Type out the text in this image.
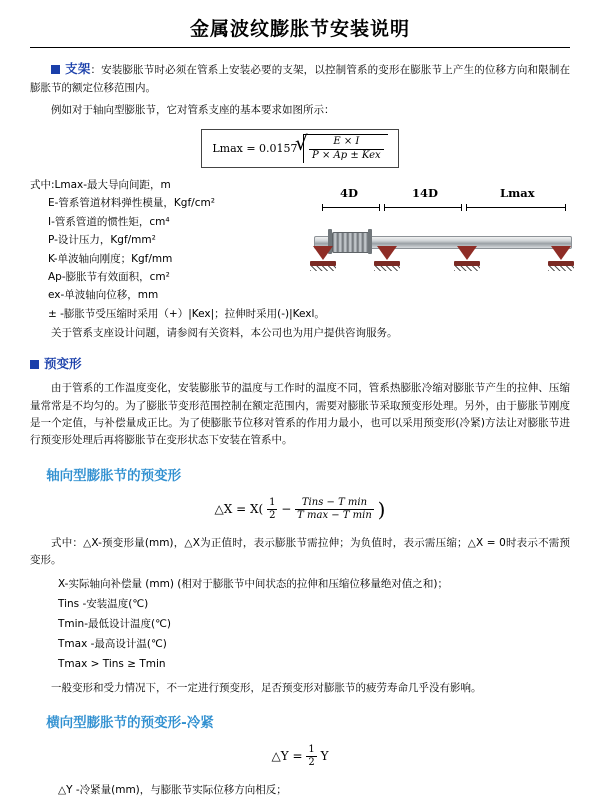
金属波纹膨胀节安装说明

支架：安装膨胀节时必须在管系上安装必要的支架，以控制管系的变形在膨胀节上产生的位移方向和限制在膨胀节的额定位移范围内。

例如对于轴向型膨胀节，它对管系支座的基本要求如图所示：

Lmax = 0.0157 √ $\frac{E \times I}{\text{P × Ap ± Kex}}$
式中:Lmax-最大导向间距，m
E-管系管道材料弹性模量，Kgf/cm²
I-管系管道的惯性矩，cm⁴
P-设计压力，Kgf/mm²
K-单波轴向刚度；Kgf/mm
Ap-膨胀节有效面积，cm²
ex-单波轴向位移，mm
± -膨胀节受压缩时采用（+）|Kex|；拉伸时采用(-)|Kexl。
4D	14D	Lmax

关于管系支座设计问题，请参阅有关资料，本公司也为用户提供咨询服务。

预变形

由于管系的工作温度变化，安装膨胀节的温度与工作时的温度不同，管系热膨胀冷缩对膨胀节产生的拉伸、压缩量常常是不均匀的。为了膨胀节变形范围控制在额定范围内，需要对膨胀节采取预变形处理。另外，由于膨胀节刚度是一个定值，与补偿量成正比。为了使膨胀节位移对管系的作用力最小，也可以采用预变形(冷紧)方法让对膨胀节进行预变形处理后再将膨胀节在变形状态下安装在管系中。

轴向型膨胀节的预变形
△X = $X( \frac{1}{2} - \frac{\text{Tins − T min}}{\text{T max − T min}}$ )

式中：△X-预变形量(mm)，△X为正值时，表示膨胀节需拉伸；为负值时，表示需压缩；△X = 0时表示不需预变形。

X-实际轴向补偿量 (mm) (相对于膨胀节中间状态的拉伸和压缩位移量绝对值之和)；
Tins -安装温度(℃)
Tmin-最低设计温度(℃)
Tmax -最高设计温(℃)
Tmax > Tins ≥ Tmin

一般变形和受力情况下，不一定进行预变形，足否预变形对膨胀节的疲劳寿命几乎没有影响。

横向型膨胀节的预变形-冷紧
△Y = $\frac{1}{2}$ Y

△Y -冷紧量(mm)，与膨胀节实际位移方向相反；
